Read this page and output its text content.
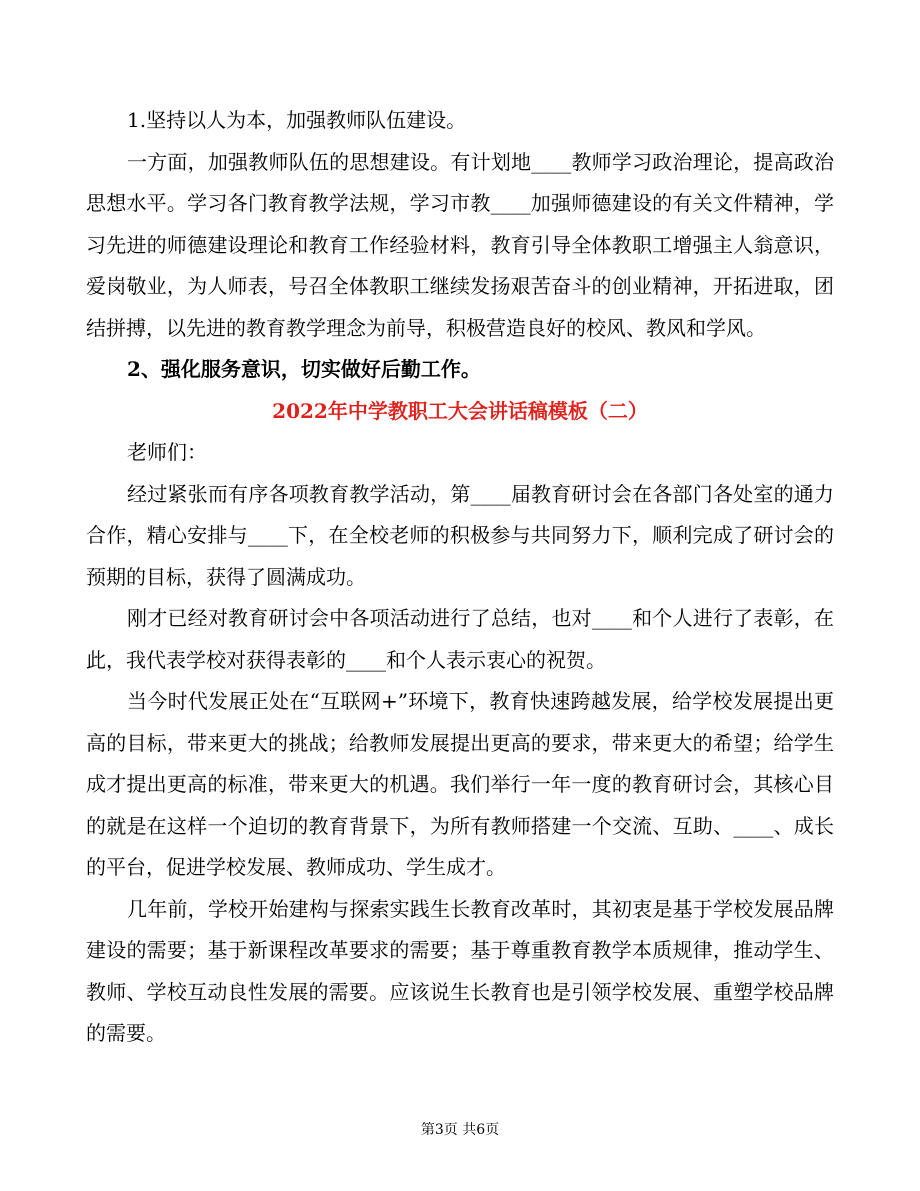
1.坚持以人为本，加强教师队伍建设。

一方面，加强教师队伍的思想建设。有计划地____教师学习政治理论，提高政治思想水平。学习各门教育教学法规，学习市教____加强师德建设的有关文件精神，学习先进的师德建设理论和教育工作经验材料，教育引导全体教职工增强主人翁意识，爱岗敬业，为人师表，号召全体教职工继续发扬艰苦奋斗的创业精神，开拓进取，团结拼搏，以先进的教育教学理念为前导，积极营造良好的校风、教风和学风。

2、强化服务意识，切实做好后勤工作。

2022年中学教职工大会讲话稿模板（二）

老师们：

经过紧张而有序各项教育教学活动，第____届教育研讨会在各部门各处室的通力合作，精心安排与____下，在全校老师的积极参与共同努力下，顺利完成了研讨会的预期的目标，获得了圆满成功。

刚才已经对教育研讨会中各项活动进行了总结，也对____和个人进行了表彰，在此，我代表学校对获得表彰的____和个人表示衷心的祝贺。

当今时代发展正处在“互联网+”环境下，教育快速跨越发展，给学校发展提出更高的目标，带来更大的挑战；给教师发展提出更高的要求，带来更大的希望；给学生成才提出更高的标准，带来更大的机遇。我们举行一年一度的教育研讨会，其核心目的就是在这样一个迫切的教育背景下，为所有教师搭建一个交流、互助、____、成长的平台，促进学校发展、教师成功、学生成才。

几年前，学校开始建构与探索实践生长教育改革时，其初衷是基于学校发展品牌建设的需要；基于新课程改革要求的需要；基于尊重教育教学本质规律，推动学生、教师、学校互动良性发展的需要。应该说生长教育也是引领学校发展、重塑学校品牌的需要。

第3页 共6页
